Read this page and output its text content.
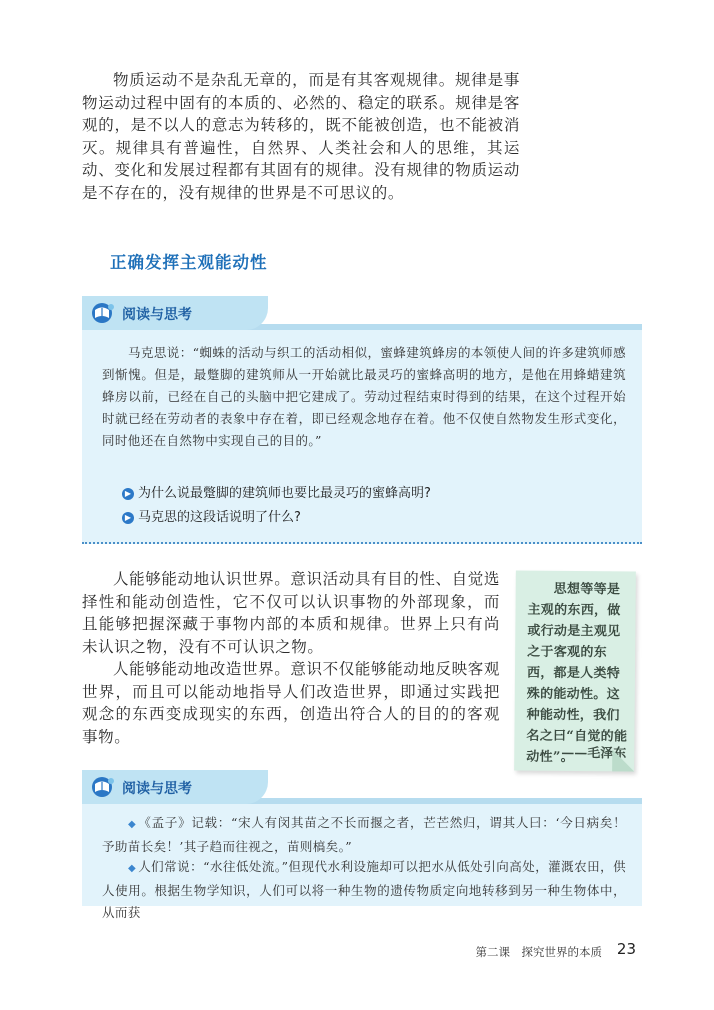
物质运动不是杂乱无章的，而是有其客观规律。规律是事物运动过程中固有的本质的、必然的、稳定的联系。规律是客观的，是不以人的意志为转移的，既不能被创造，也不能被消灭。规律具有普遍性，自然界、人类社会和人的思维，其运动、变化和发展过程都有其固有的规律。没有规律的物质运动是不存在的，没有规律的世界是不可思议的。

正确发挥主观能动性
阅读与思考

马克思说：“蜘蛛的活动与织工的活动相似，蜜蜂建筑蜂房的本领使人间的许多建筑师感到惭愧。但是，最蹩脚的建筑师从一开始就比最灵巧的蜜蜂高明的地方，是他在用蜂蜡建筑蜂房以前，已经在自己的头脑中把它建成了。劳动过程结束时得到的结果，在这个过程开始时就已经在劳动者的表象中存在着，即已经观念地存在着。他不仅使自然物发生形式变化，同时他还在自然物中实现自己的目的。”

▶ 为什么说最蹩脚的建筑师也要比最灵巧的蜜蜂高明?
▶ 马克思的这段话说明了什么?

人能够能动地认识世界。意识活动具有目的性、自觉选择性和能动创造性，它不仅可以认识事物的外部现象，而且能够把握深藏于事物内部的本质和规律。世界上只有尚未认识之物，没有不可认识之物。

人能够能动地改造世界。意识不仅能够能动地反映客观世界，而且可以能动地指导人们改造世界，即通过实践把观念的东西变成现实的东西，创造出符合人的目的的客观事物。

思想等等是主观的东西，做或行动是主观见之于客观的东西，都是人类特殊的能动性。这种能动性，我们名之曰“自觉的能动性”。

——毛泽东
阅读与思考

◆ 《孟子》记载：“宋人有闵其苗之不长而揠之者，芒芒然归，谓其人曰：‘今日病矣！予助苗长矣！’其子趋而往视之，苗则槁矣。”

◆ 人们常说：“水往低处流。”但现代水利设施却可以把水从低处引向高处，灌溉农田，供人使用。根据生物学知识，人们可以将一种生物的遗传物质定向地转移到另一种生物体中，从而获

第二课　探究世界的本质 23
